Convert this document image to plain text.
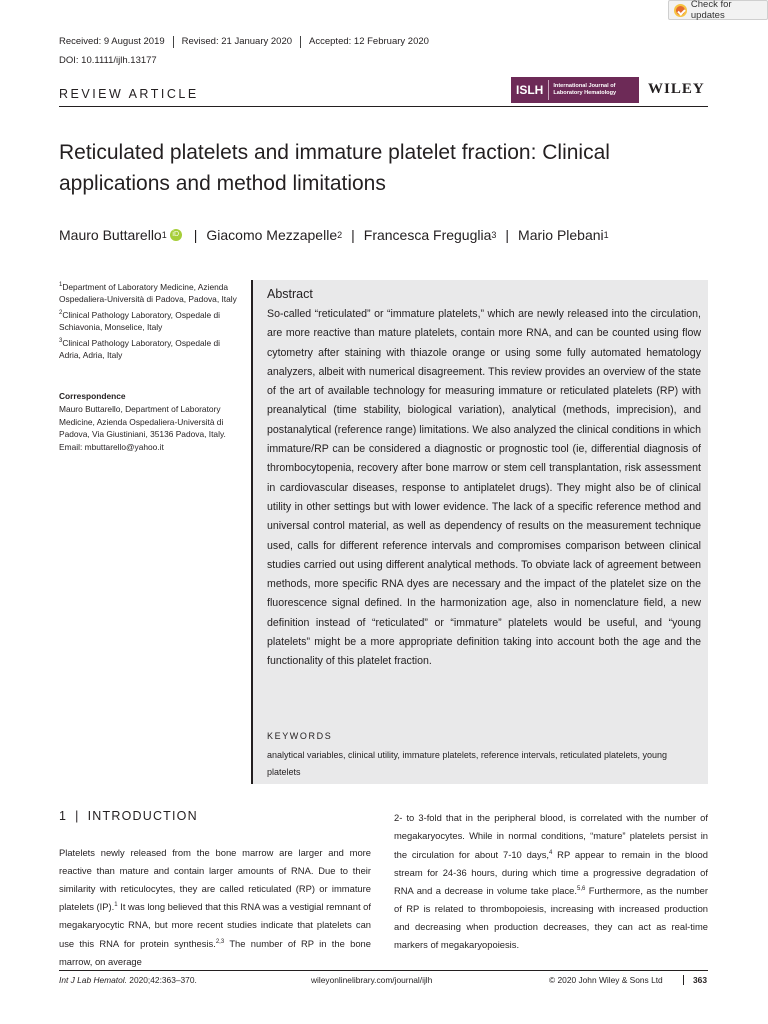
Check for updates
Received: 9 August 2019	Revised: 21 January 2020	Accepted: 12 February 2020
DOI: 10.1111/ijlh.13177
REVIEW ARTICLE	ISLH	International Journal of
Laboratory Hematology WILEY
Reticulated platelets and immature platelet fraction: Clinical applications and method limitations
Mauro Buttarello 1 iD | Giacomo Mezzapelle 2 | Francesca Freguglia 3 | Mario Plebani 1

$^1$Department of Laboratory Medicine, Azienda Ospedaliera-Università di Padova, Padova, Italy

$^2$Clinical Pathology Laboratory, Ospedale di Schiavonia, Monselice, Italy

$^3$Clinical Pathology Laboratory, Ospedale di Adria, Adria, Italy

Correspondence
Mauro Buttarello, Department of Laboratory Medicine, Azienda Ospedaliera-Università di Padova, Via Giustiniani, 35136 Padova, Italy. Email: mbuttarello@yahoo.it
Abstract
So-called “reticulated” or “immature platelets,” which are newly released into the circulation, are more reactive than mature platelets, contain more RNA, and can be counted using flow cytometry after staining with thiazole orange or using some fully automated hematology analyzers, albeit with numerical disagreement. This review provides an overview of the state of the art of available technology for measuring immature or reticulated platelets (RP) with preanalytical (time stability, biological variation), analytical (methods, imprecision), and postanalytical (reference range) limitations. We also analyzed the clinical conditions in which immature/RP can be considered a diagnostic or prognostic tool (ie, differential diagnosis of thrombocytopenia, recovery after bone marrow or stem cell transplantation, risk assessment in cardiovascular diseases, response to antiplatelet drugs). They might also be of clinical utility in other settings but with lower evidence. The lack of a specific reference method and universal control material, as well as dependency of results on the measurement technique used, calls for different reference intervals and compromises comparison between clinical studies carried out using different analytical methods. To obviate lack of agreement between methods, more specific RNA dyes are necessary and the impact of the platelet size on the fluorescence signal defined. In the harmonization age, also in nomenclature field, a new definition instead of “reticulated” or “immature” platelets would be useful, and “young platelets” might be a more appropriate definition taking into account both the age and the functionality of this platelet fraction.
KEYWORDS
analytical variables, clinical utility, immature platelets, reference intervals, reticulated platelets, young platelets
1 | INTRODUCTION
Platelets newly released from the bone marrow are larger and more reactive than mature and contain larger amounts of RNA. Due to their similarity with reticulocytes, they are called reticulated (RP) or immature platelets (IP).$^1$ It was long believed that this RNA was a vestigial remnant of megakaryocytic RNA, but more recent studies indicate that platelets can use this RNA for protein synthesis.$^{2,3}$ The number of RP in the bone marrow, on average
2- to 3-fold that in the peripheral blood, is correlated with the number of megakaryocytes. While in normal conditions, “mature” platelets persist in the circulation for about 7-10 days,$^4$ RP appear to remain in the blood stream for 24-36 hours, during which time a progressive degradation of RNA and a decrease in volume take place.$^{5,6}$ Furthermore, as the number of RP is related to thrombopoiesis, increasing with increased production and decreasing when production decreases, they can act as real-time markers of megakaryopoiesis.
Int J Lab Hematol. 2020;42:363–370.	wileyonlinelibrary.com/journal/ijlh	© 2020 John Wiley & Sons Ltd	363
